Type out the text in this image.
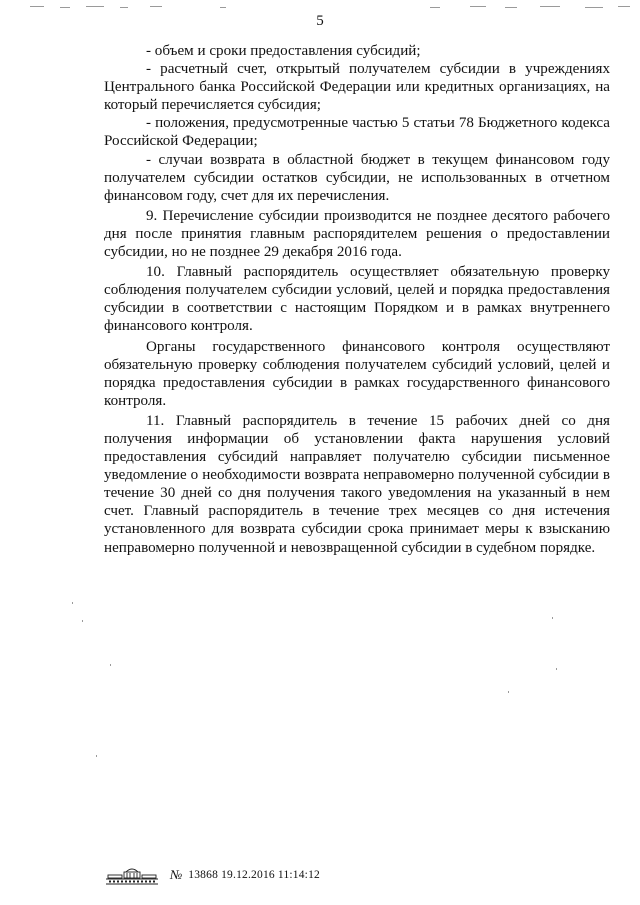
5

- объем и сроки предоставления субсидий;

- расчетный счет, открытый получателем субсидии в учреждениях Центрального банка Российской Федерации или кредитных организациях, на который перечисляется субсидия;

- положения, предусмотренные частью 5 статьи 78 Бюджетного кодекса Российской Федерации;

- случаи возврата в областной бюджет в текущем финансовом году получателем субсидии остатков субсидии, не использованных в отчетном финансовом году, счет для их перечисления.

9. Перечисление субсидии производится не позднее десятого рабочего дня после принятия главным распорядителем решения о предоставлении субсидии, но не позднее 29 декабря 2016 года.

10. Главный распорядитель осуществляет обязательную проверку соблюдения получателем субсидии условий, целей и порядка предоставления субсидии в соответствии с настоящим Порядком и в рамках внутреннего финансового контроля.

Органы государственного финансового контроля осуществляют обязательную проверку соблюдения получателем субсидий условий, целей и порядка предоставления субсидии в рамках государственного финансового контроля.

11. Главный распорядитель в течение 15 рабочих дней со дня получения информации об установлении факта нарушения условий предоставления субсидий направляет получателю субсидии письменное уведомление о необходимости возврата неправомерно полученной субсидии в течение 30 дней со дня получения такого уведомления на указанный в нем счет. Главный распорядитель в течение трех месяцев со дня истечения установленного для возврата субсидии срока принимает меры к взысканию неправомерно полученной и невозвращенной субсидии в судебном порядке.

№ 13868 19.12.2016 11:14:12
